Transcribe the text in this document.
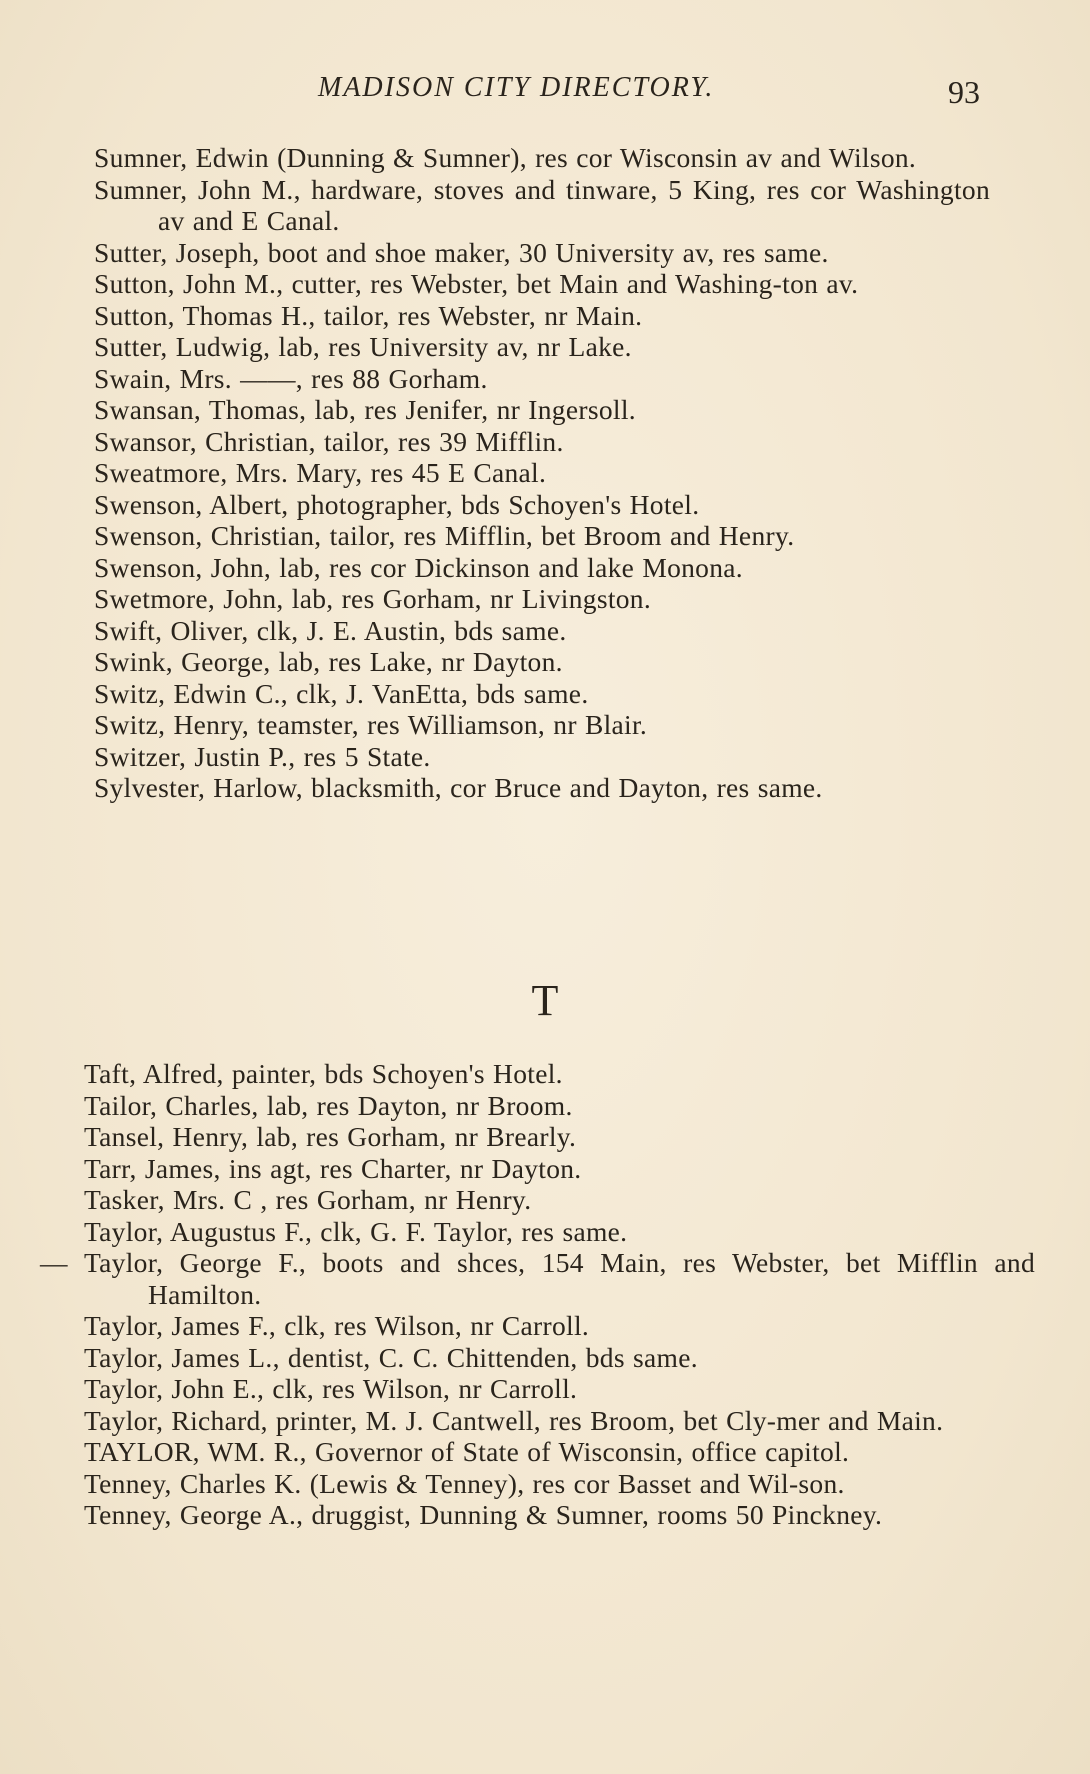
MADISON CITY DIRECTORY.	93
Sumner, Edwin (Dunning & Sumner), res cor Wisconsin av and Wilson.
Sumner, John M., hardware, stoves and tinware, 5 King, res cor Washington av and E Canal.
Sutter, Joseph, boot and shoe maker, 30 University av, res same.
Sutton, John M., cutter, res Webster, bet Main and Washing-ton av.
Sutton, Thomas H., tailor, res Webster, nr Main.
Sutter, Ludwig, lab, res University av, nr Lake.
Swain, Mrs. ——, res 88 Gorham.
Swansan, Thomas, lab, res Jenifer, nr Ingersoll.
Swansor, Christian, tailor, res 39 Mifflin.
Sweatmore, Mrs. Mary, res 45 E Canal.
Swenson, Albert, photographer, bds Schoyen's Hotel.
Swenson, Christian, tailor, res Mifflin, bet Broom and Henry.
Swenson, John, lab, res cor Dickinson and lake Monona.
Swetmore, John, lab, res Gorham, nr Livingston.
Swift, Oliver, clk, J. E. Austin, bds same.
Swink, George, lab, res Lake, nr Dayton.
Switz, Edwin C., clk, J. VanEtta, bds same.
Switz, Henry, teamster, res Williamson, nr Blair.
Switzer, Justin P., res 5 State.
Sylvester, Harlow, blacksmith, cor Bruce and Dayton, res same.
T
Taft, Alfred, painter, bds Schoyen's Hotel.
Tailor, Charles, lab, res Dayton, nr Broom.
Tansel, Henry, lab, res Gorham, nr Brearly.
Tarr, James, ins agt, res Charter, nr Dayton.
Tasker, Mrs. C , res Gorham, nr Henry.
Taylor, Augustus F., clk, G. F. Taylor, res same.
— Taylor, George F., boots and shces, 154 Main, res Webster, bet Mifflin and Hamilton.
Taylor, James F., clk, res Wilson, nr Carroll.
Taylor, James L., dentist, C. C. Chittenden, bds same.
Taylor, John E., clk, res Wilson, nr Carroll.
Taylor, Richard, printer, M. J. Cantwell, res Broom, bet Cly-mer and Main.
TAYLOR, WM. R., Governor of State of Wisconsin, office capitol.
Tenney, Charles K. (Lewis & Tenney), res cor Basset and Wil-son.
Tenney, George A., druggist, Dunning & Sumner, rooms 50 Pinckney.
